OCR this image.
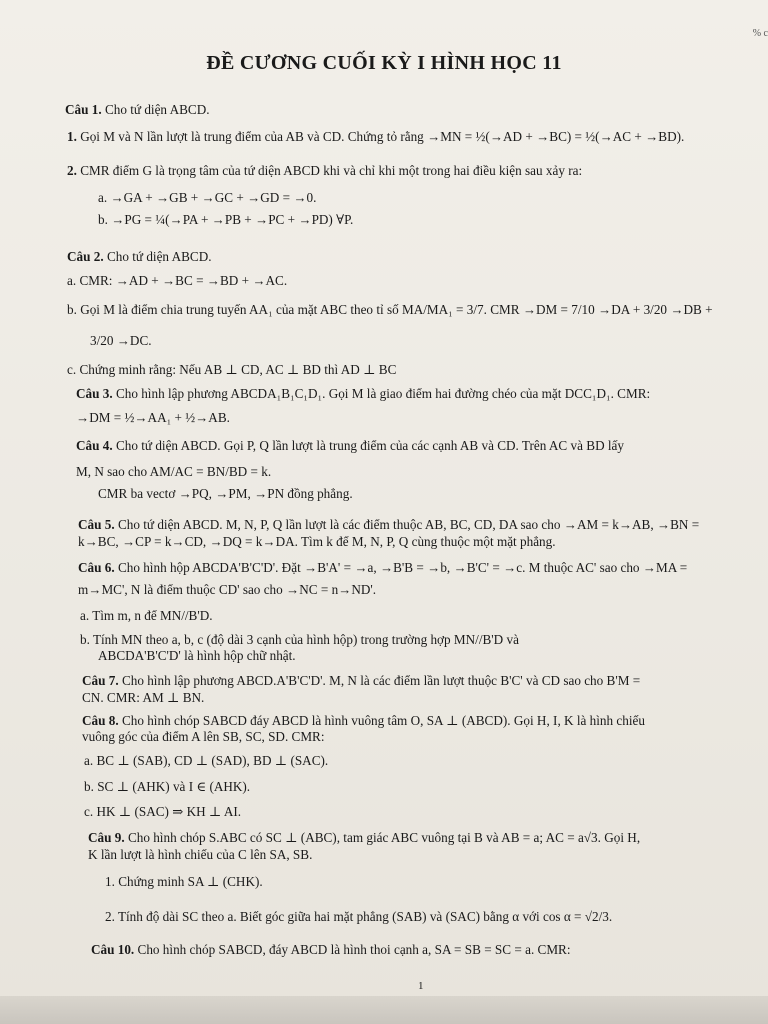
% c
ĐỀ CƯƠNG CUỐI KỲ I HÌNH HỌC 11
Câu 1. Cho tứ diện ABCD.
1. Gọi M và N lần lượt là trung điểm của AB và CD. Chứng tỏ rằng →MN = ½(→AD + →BC) = ½(→AC + →BD).
2. CMR điểm G là trọng tâm của tứ diện ABCD khi và chỉ khi một trong hai điều kiện sau xảy ra:
a. →GA + →GB + →GC + →GD = →0.
b. →PG = ¼(→PA + →PB + →PC + →PD) ∀P.
Câu 2. Cho tứ diện ABCD.
a. CMR: →AD + →BC = →BD + →AC.
b. Gọi M là điểm chia trung tuyến AA₁ của mặt ABC theo tỉ số MA/MA₁ = 3/7. CMR →DM = 7/10 →DA + 3/20 →DB +
3/20 →DC.
c. Chứng minh rằng: Nếu AB ⊥ CD, AC ⊥ BD thì AD ⊥ BC
Câu 3. Cho hình lập phương ABCDA₁B₁C₁D₁. Gọi M là giao điểm hai đường chéo của mặt DCC₁D₁. CMR:
→DM = ½→AA₁ + ½→AB.
Câu 4. Cho tứ diện ABCD. Gọi P, Q lần lượt là trung điểm của các cạnh AB và CD. Trên AC và BD lấy
M, N sao cho AM/AC = BN/BD = k.
CMR ba vectơ →PQ, →PM, →PN đồng phẳng.
Câu 5. Cho tứ diện ABCD. M, N, P, Q lần lượt là các điểm thuộc AB, BC, CD, DA sao cho →AM = k→AB, →BN =
k→BC, →CP = k→CD, →DQ = k→DA. Tìm k để M, N, P, Q cùng thuộc một mặt phẳng.
Câu 6. Cho hình hộp ABCDA'B'C'D'. Đặt →B'A' = →a, →B'B = →b, →B'C' = →c. M thuộc AC' sao cho →MA =
m→MC', N là điểm thuộc CD' sao cho →NC = n→ND'.
a. Tìm m, n để MN//B'D.
b. Tính MN theo a, b, c (độ dài 3 cạnh của hình hộp) trong trường hợp MN//B'D và
ABCDA'B'C'D' là hình hộp chữ nhật.
Câu 7. Cho hình lập phương ABCD.A'B'C'D'. M, N là các điểm lần lượt thuộc B'C' và CD sao cho B'M =
CN. CMR: AM ⊥ BN.
Câu 8. Cho hình chóp SABCD đáy ABCD là hình vuông tâm O, SA ⊥ (ABCD). Gọi H, I, K là hình chiếu
vuông góc của điểm A lên SB, SC, SD. CMR:
a. BC ⊥ (SAB), CD ⊥ (SAD), BD ⊥ (SAC).
b. SC ⊥ (AHK) và I ∈ (AHK).
c. HK ⊥ (SAC) ⇒ KH ⊥ AI.
Câu 9. Cho hình chóp S.ABC có SC ⊥ (ABC), tam giác ABC vuông tại B và AB = a; AC = a√3. Gọi H,
K lần lượt là hình chiếu của C lên SA, SB.
1. Chứng minh SA ⊥ (CHK).
2. Tính độ dài SC theo a. Biết góc giữa hai mặt phẳng (SAB) và (SAC) bằng α với cos α = √2/3.
Câu 10. Cho hình chóp SABCD, đáy ABCD là hình thoi cạnh a, SA = SB = SC = a. CMR:
1
